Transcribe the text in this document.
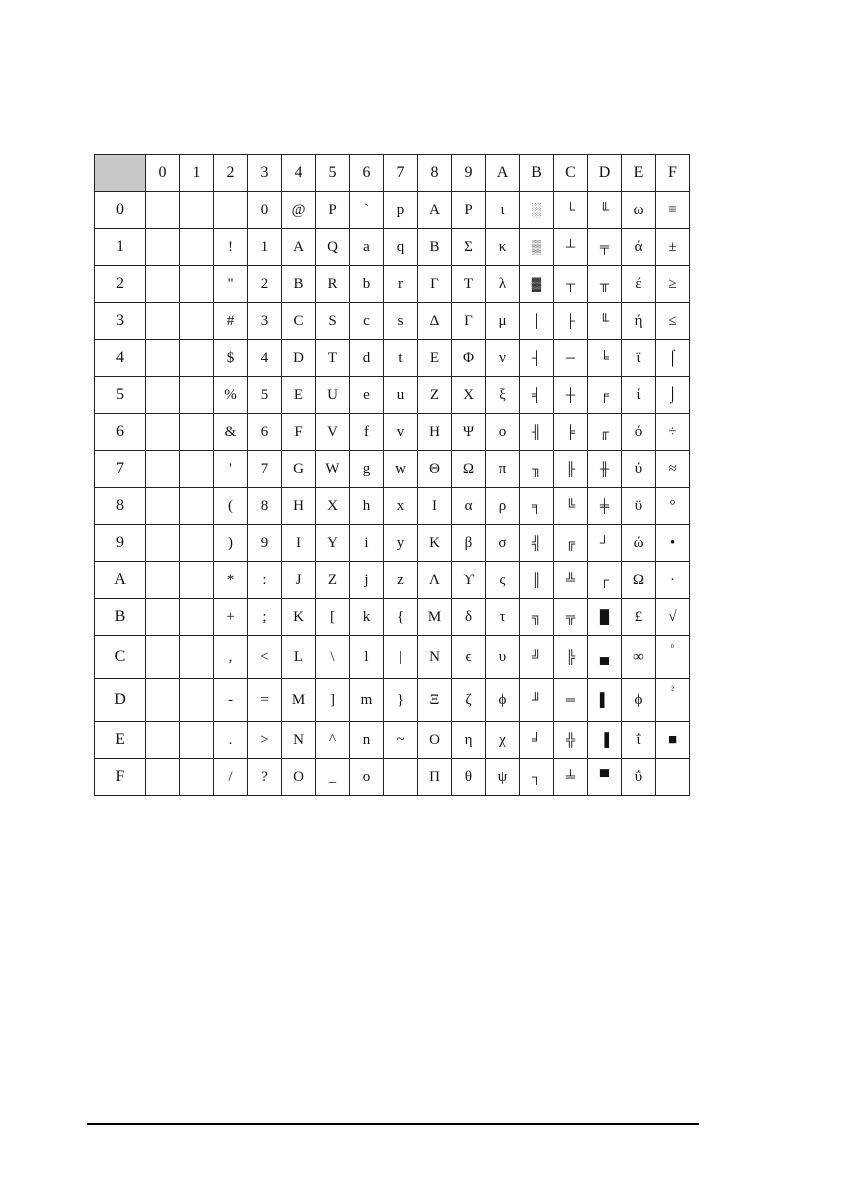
	0	1	2	3	4	5	6	7	8	9	A	B	C	D	E	F
0				0	@	P	`	p	Α	Ρ	ι	░	└	╙	ω	≡
1			!	1	A	Q	a	q	Β	Σ	κ	▒	┴	╤	ά	±
2			"	2	B	R	b	r	Γ	Τ	λ	▓	┬	╥	έ	≥
3			#	3	C	S	c	s	Δ	Γ	μ	│	├	╙	ή	≤
4			$	4	D	T	d	t	Ε	Φ	ν	┤	─	╘	ϊ	⌠
5			%	5	E	U	e	u	Ζ	Χ	ξ	╡	┼	╒	ί	⌡
6			&	6	F	V	f	v	Η	Ψ	ο	╢	╞	╓	ό	÷
7			'	7	G	W	g	w	Θ	Ω	π	╖	╟	╫	ύ	≈
8			(	8	H	X	h	x	Ι	α	ρ	╕	╚	╪	ϋ	°
9			)	9	I	Y	i	y	Κ	β	σ	╣	╔	┘	ώ	•
A			*	:	J	Z	j	z	Λ	ϒ	ς	║	╩	┌	Ω	·
B			+	;	K	[	k	{	Μ	δ	τ	╗	╦	█	£	√
C			,	<	L	\	l	|	Ν	ϵ	υ	╝	╠	▄	∞	ⁿ
D			-	=	M	]	m	}	Ξ	ζ	ϕ	╜	═	▌	ϕ	²
E			.	>	N	^	n	~	Ο	η	χ	╛	╬	▐	ΐ	■
F			/	?	O	_	o		Π	θ	ψ	┐	╧	▀	ΰ	
